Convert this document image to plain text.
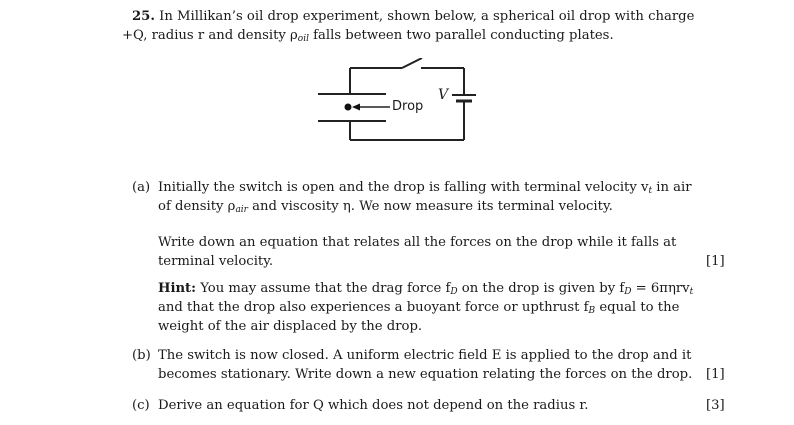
25. In Millikan’s oil drop experiment, shown below, a spherical oil drop with charge
+Q, radius r and density $\rho_{oil}$ falls between two parallel conducting plates.
Drop
V
(a) Initially the switch is open and the drop is falling with terminal velocity $v_t$ in air
of density $\rho_{air}$ and viscosity η. We now measure its terminal velocity.
Write down an equation that relates all the forces on the drop while it falls at
terminal velocity.	[1]
Hint: You may assume that the drag force $f_D$ on the drop is given by $f_D = 6\pi\eta rv_t$
and that the drop also experiences a buoyant force or upthrust $f_B$ equal to the
weight of the air displaced by the drop.
(b) The switch is now closed. A uniform electric field E is applied to the drop and it
becomes stationary. Write down a new equation relating the forces on the drop. [1]
(c) Derive an equation for Q which does not depend on the radius r.	[3]
